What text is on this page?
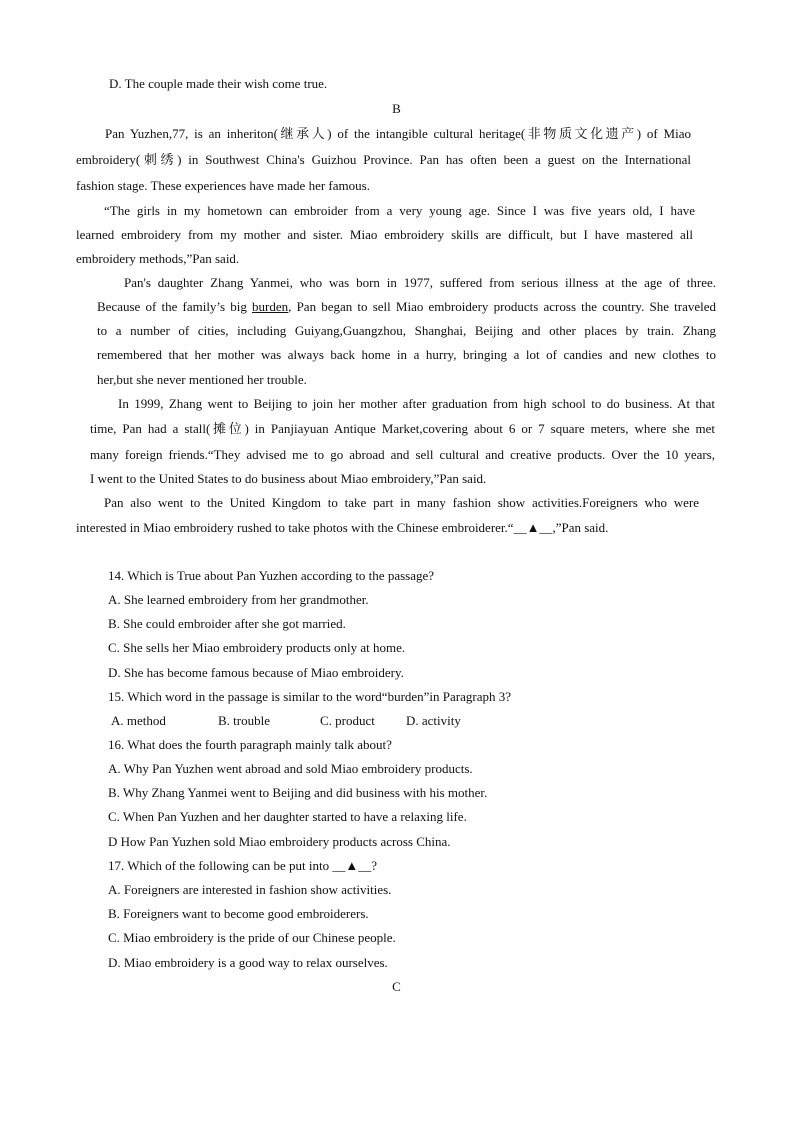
D. The couple made their wish come true.
B
Pan Yuzhen,77, is an inheriton(继承人) of the intangible cultural heritage(非物质文化遗产) of Miao
embroidery(刺绣) in Southwest China's Guizhou Province. Pan has often been a guest on the International
fashion stage. These experiences have made her famous.
“The girls in my hometown can embroider from a very young age. Since I was five years old, I have
learned embroidery from my mother and sister. Miao embroidery skills are difficult, but I have mastered all
embroidery methods,”Pan said.
Pan's daughter Zhang Yanmei, who was born in 1977, suffered from serious illness at the age of three.
Because of the family’s big burden, Pan began to sell Miao embroidery products across the country. She traveled
to a number of cities, including Guiyang,Guangzhou, Shanghai, Beijing and other places by train. Zhang
remembered that her mother was always back home in a hurry, bringing a lot of candies and new clothes to
her,but she never mentioned her trouble.
In 1999, Zhang went to Beijing to join her mother after graduation from high school to do business. At that
time, Pan had a stall(摊位) in Panjiayuan Antique Market,covering about 6 or 7 square meters, where she met
many foreign friends.“They advised me to go abroad and sell cultural and creative products. Over the 10 years,
I went to the United States to do business about Miao embroidery,”Pan said.
Pan also went to the United Kingdom to take part in many fashion show activities.Foreigners who were
interested in Miao embroidery rushed to take photos with the Chinese embroiderer.“__▲__,”Pan said.
14. Which is True about Pan Yuzhen according to the passage?
A. She learned embroidery from her grandmother.
B. She could embroider after she got married.
C. She sells her Miao embroidery products only at home.
D. She has become famous because of Miao embroidery.
15. Which word in the passage is similar to the word“burden”in Paragraph 3?
A. method	B. trouble	C. product D. activity
16. What does the fourth paragraph mainly talk about?
A. Why Pan Yuzhen went abroad and sold Miao embroidery products.
B. Why Zhang Yanmei went to Beijing and did business with his mother.
C. When Pan Yuzhen and her daughter started to have a relaxing life.
D How Pan Yuzhen sold Miao embroidery products across China.
17. Which of the following can be put into __▲__?
A. Foreigners are interested in fashion show activities.
B. Foreigners want to become good embroiderers.
C. Miao embroidery is the pride of our Chinese people.
D. Miao embroidery is a good way to relax ourselves.
C
